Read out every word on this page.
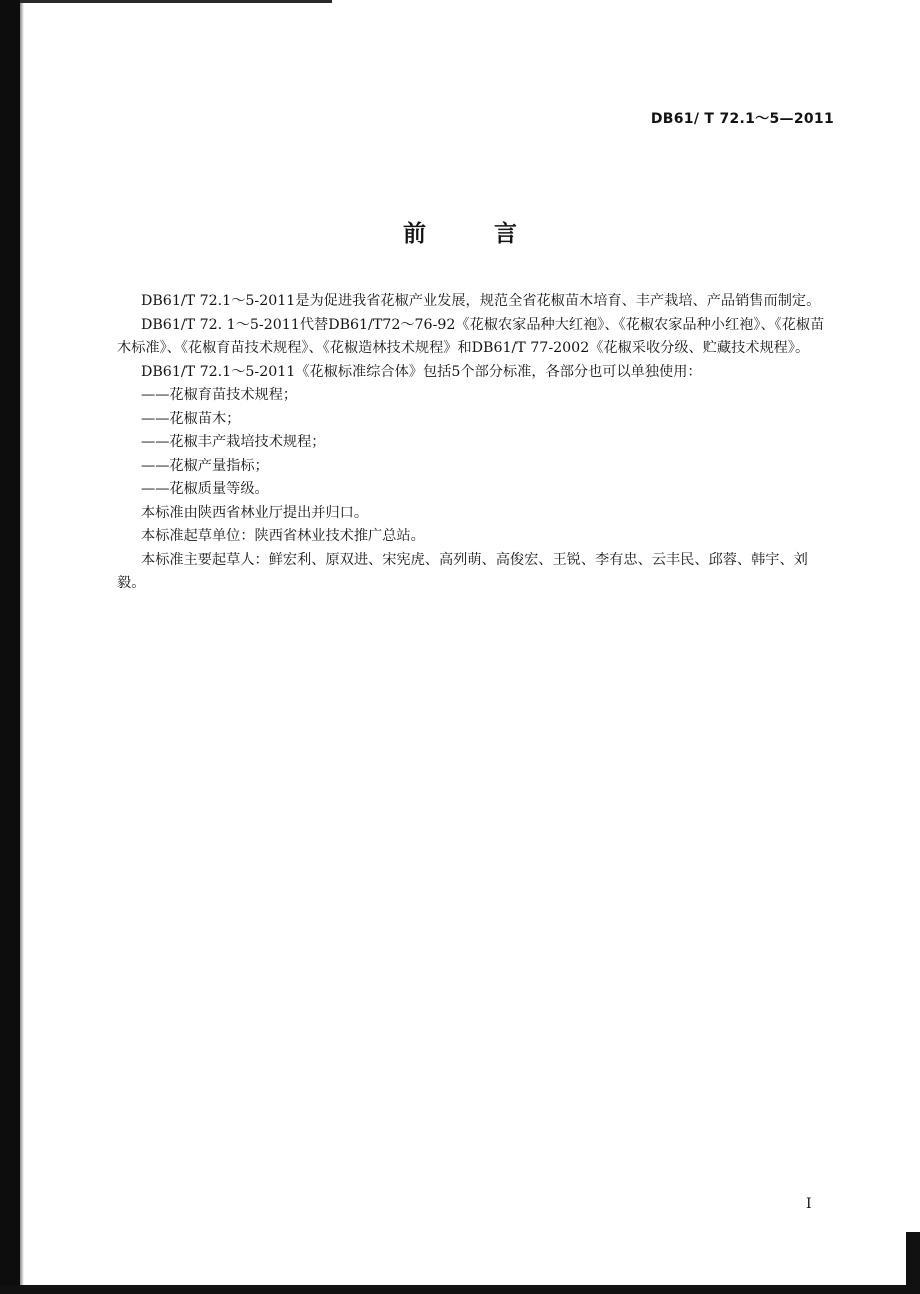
DB61/ T 72.1～5—2011
前 言

DB61/T 72.1～5-2011是为促进我省花椒产业发展，规范全省花椒苗木培育、丰产栽培、产品销售而制定。

DB61/T 72. 1～5-2011代替DB61/T72～76-92《花椒农家品种大红袍》、《花椒农家品种小红袍》、《花椒苗木标准》、《花椒育苗技术规程》、《花椒造林技术规程》和DB61/T 77-2002《花椒采收分级、贮藏技术规程》。

DB61/T 72.1～5-2011《花椒标准综合体》包括5个部分标准，各部分也可以单独使用：

——花椒育苗技术规程；
——花椒苗木；
——花椒丰产栽培技术规程；
——花椒产量指标；
——花椒质量等级。

本标准由陕西省林业厅提出并归口。

本标准起草单位：陕西省林业技术推广总站。

本标准主要起草人：鲜宏利、原双进、宋宪虎、高列萌、高俊宏、王锐、李有忠、云丰民、邱蓉、韩宇、刘毅。

I
